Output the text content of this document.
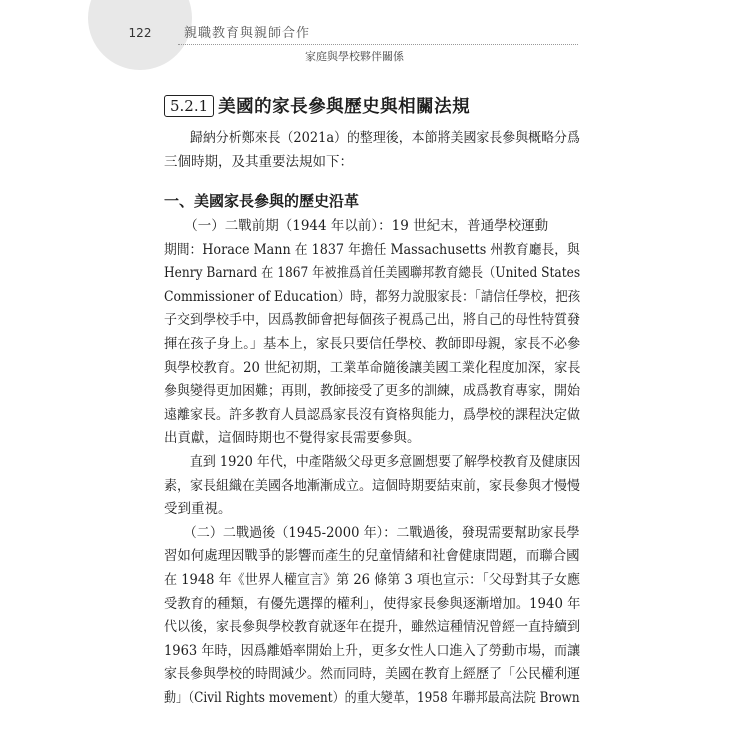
122	親職教育與親師合作
家庭與學校夥伴關係
5.2.1 美國的家長參與歷史與相關法規
　　歸納分析鄭來長（2021a）的整理後，本節將美國家長參與概略分爲
三個時期，及其重要法規如下：
一、美國家長參與的歷史沿革
　　（一）二戰前期（1944 年以前）：19 世紀末，普通學校運動
期間：Horace Mann 在 1837 年擔任 Massachusetts 州教育廳長，與
Henry Barnard 在 1867 年被推爲首任美國聯邦教育總長（United States
Commissioner of Education）時，都努力說服家長：「請信任學校，把孩
子交到學校手中，因爲教師會把每個孩子視爲己出，將自己的母性特質發
揮在孩子身上。」基本上，家長只要信任學校、教師即母親，家長不必參
與學校教育。20 世紀初期，工業革命隨後讓美國工業化程度加深，家長
參與變得更加困難；再則，教師接受了更多的訓練，成爲教育專家，開始
遠離家長。許多教育人員認爲家長沒有資格與能力，爲學校的課程決定做
出貢獻，這個時期也不覺得家長需要參與。
　　直到 1920 年代，中產階級父母更多意圖想要了解學校教育及健康因
素，家長組織在美國各地漸漸成立。這個時期要結束前，家長參與才慢慢
受到重視。
　　（二）二戰過後（1945-2000 年）：二戰過後，發現需要幫助家長學
習如何處理因戰爭的影響而產生的兒童情緒和社會健康問題，而聯合國
在 1948 年《世界人權宣言》第 26 條第 3 項也宣示：「父母對其子女應
受教育的種類，有優先選擇的權利」，使得家長參與逐漸增加。1940 年
代以後，家長參與學校教育就逐年在提升，雖然這種情況曾經一直持續到
1963 年時，因爲離婚率開始上升，更多女性人口進入了勞動市場，而讓
家長參與學校的時間減少。然而同時，美國在教育上經歷了「公民權利運
動」（Civil Rights movement）的重大變革，1958 年聯邦最高法院 Brown
